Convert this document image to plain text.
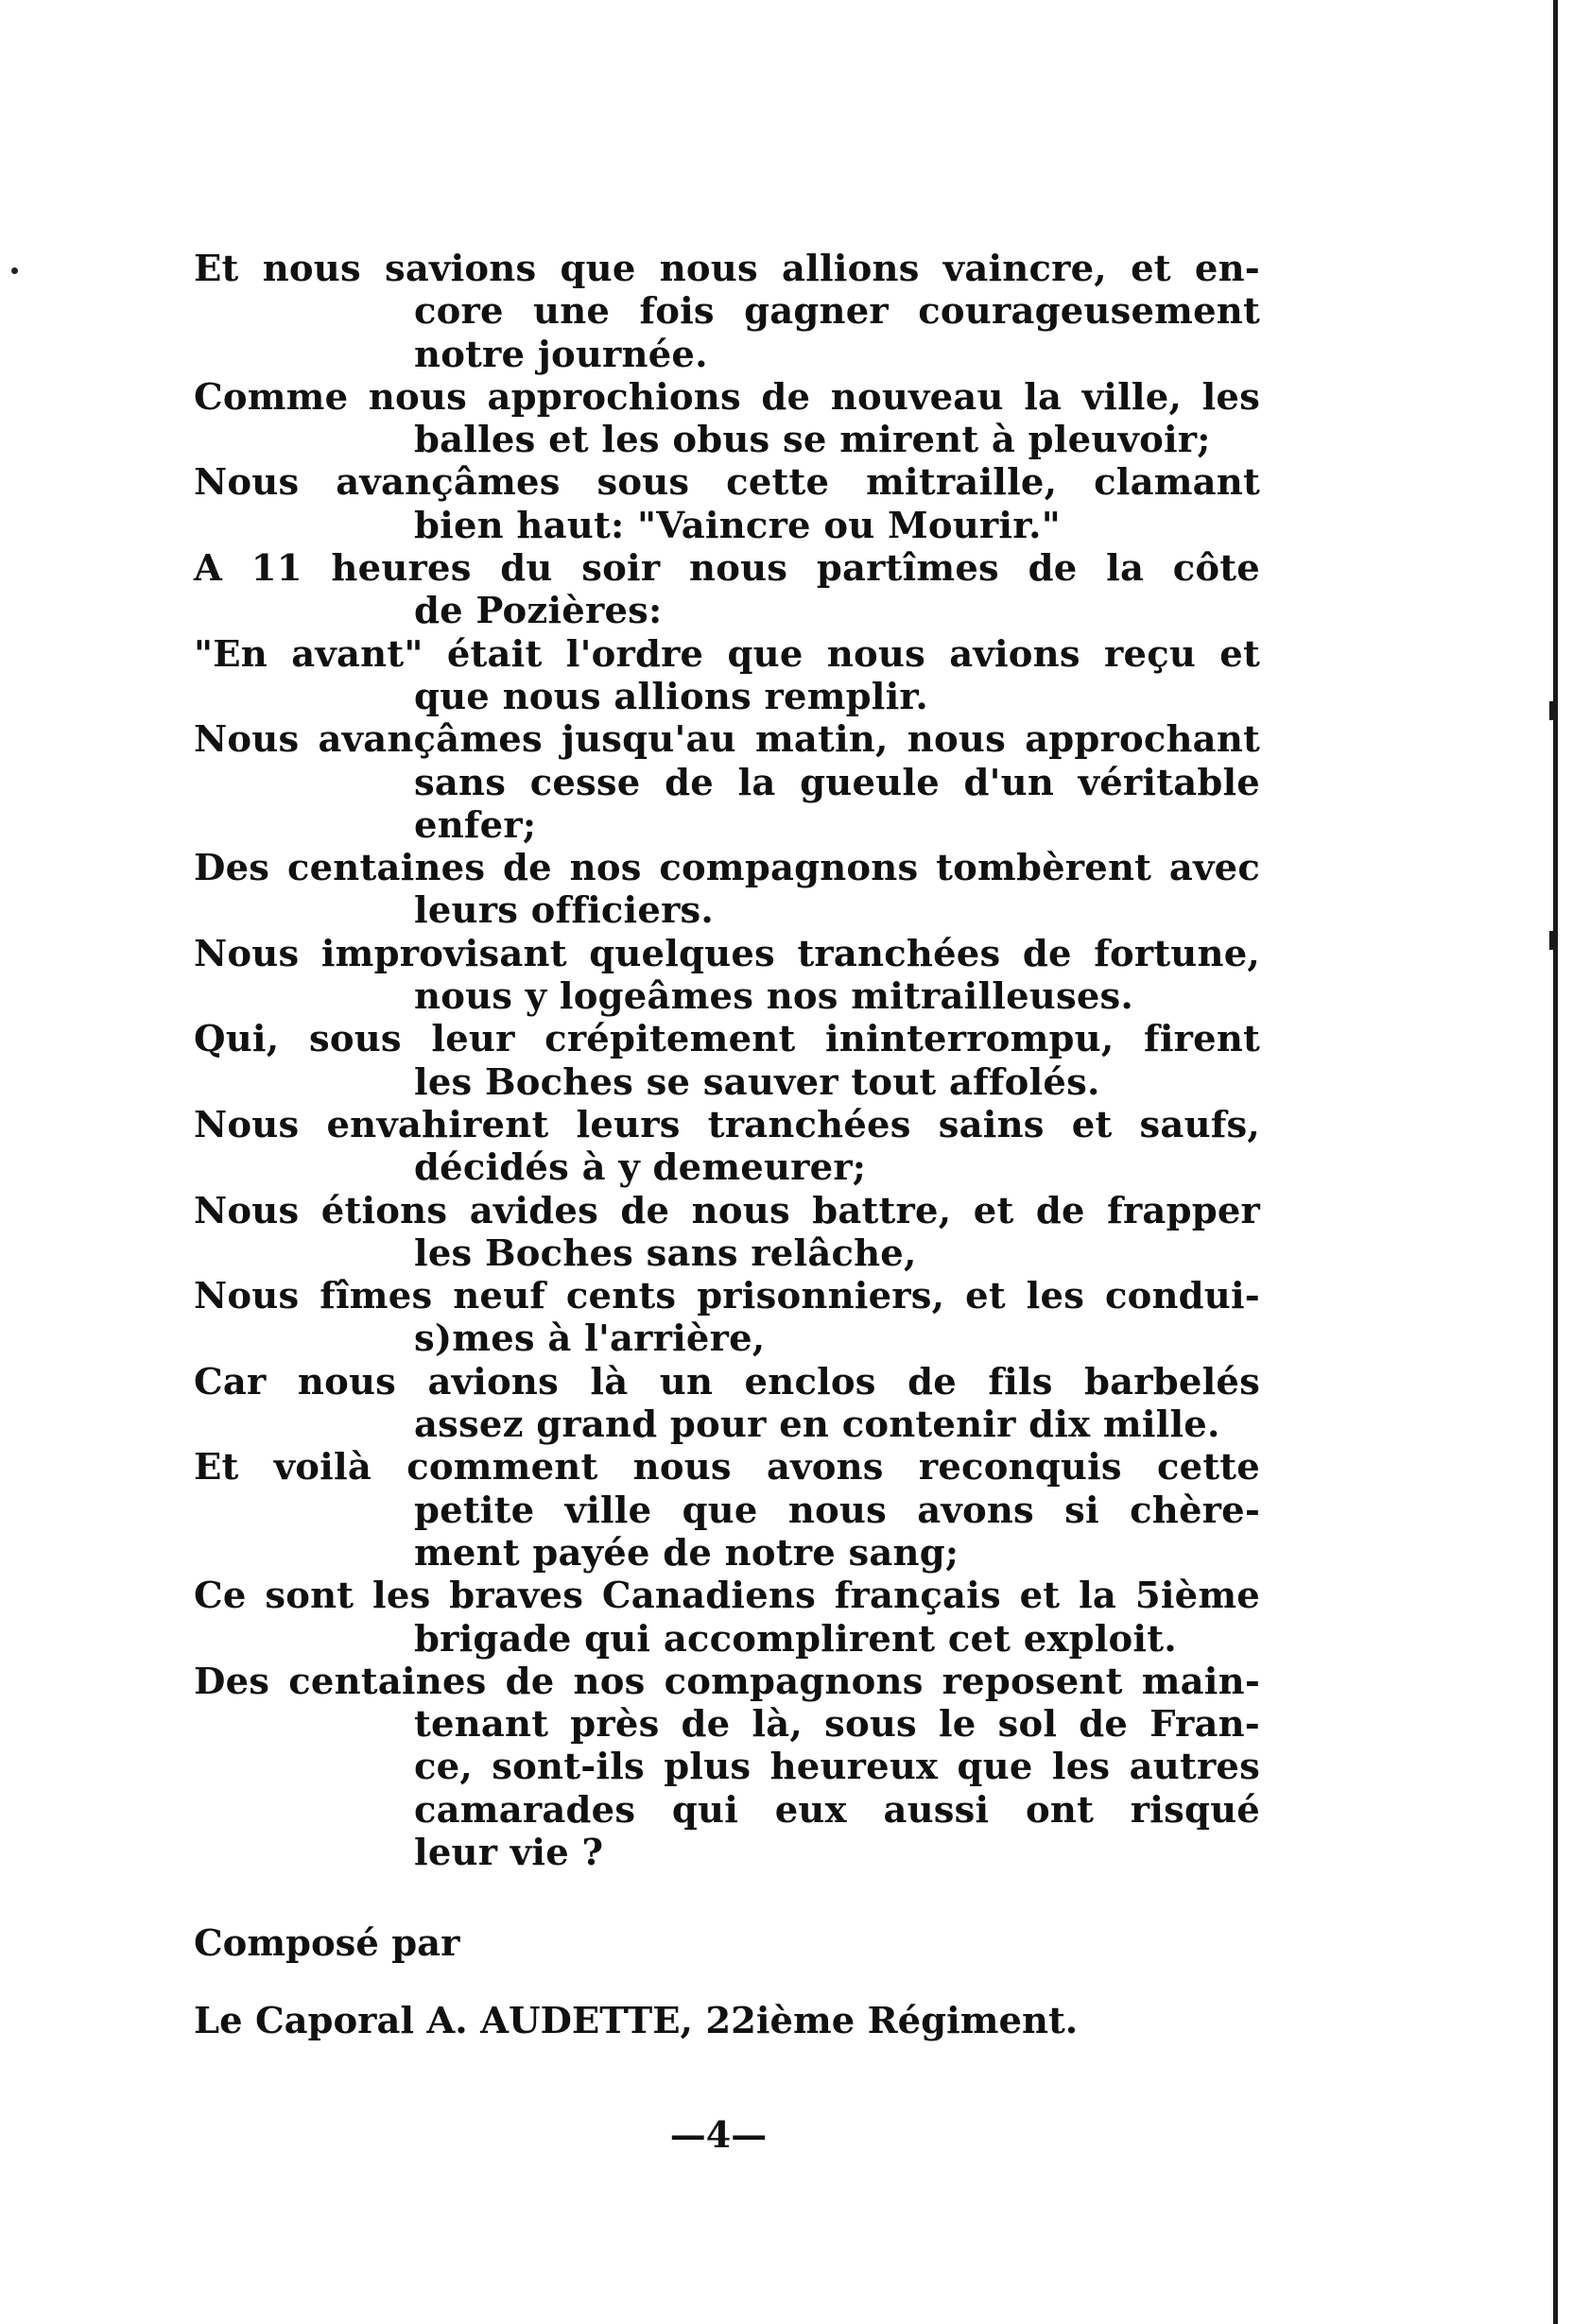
Et nous savions que nous allions vaincre, et en-
core une fois gagner courageusement
notre journée.
Comme nous approchions de nouveau la ville, les
balles et les obus se mirent à pleuvoir;
Nous avançâmes sous cette mitraille, clamant
bien haut: "Vaincre ou Mourir."
A 11 heures du soir nous partîmes de la côte
de Pozières:
"En avant" était l'ordre que nous avions reçu et
que nous allions remplir.
Nous avançâmes jusqu'au matin, nous approchant
sans cesse de la gueule d'un véritable
enfer;
Des centaines de nos compagnons tombèrent avec
leurs officiers.
Nous improvisant quelques tranchées de fortune,
nous y logeâmes nos mitrailleuses.
Qui, sous leur crépitement ininterrompu, firent
les Boches se sauver tout affolés.
Nous envahirent leurs tranchées sains et saufs,
décidés à y demeurer;
Nous étions avides de nous battre, et de frapper
les Boches sans relâche,
Nous fîmes neuf cents prisonniers, et les condui-
s)mes à l'arrière,
Car nous avions là un enclos de fils barbelés
assez grand pour en contenir dix mille.
Et voilà comment nous avons reconquis cette
petite ville que nous avons si chère-
ment payée de notre sang;
Ce sont les braves Canadiens français et la 5ième
brigade qui accomplirent cet exploit.
Des centaines de nos compagnons reposent main-
tenant près de là, sous le sol de Fran-
ce, sont-ils plus heureux que les autres
camarades qui eux aussi ont risqué
leur vie ?
Composé par
Le Caporal A. AUDETTE, 22ième Régiment.
—4—
